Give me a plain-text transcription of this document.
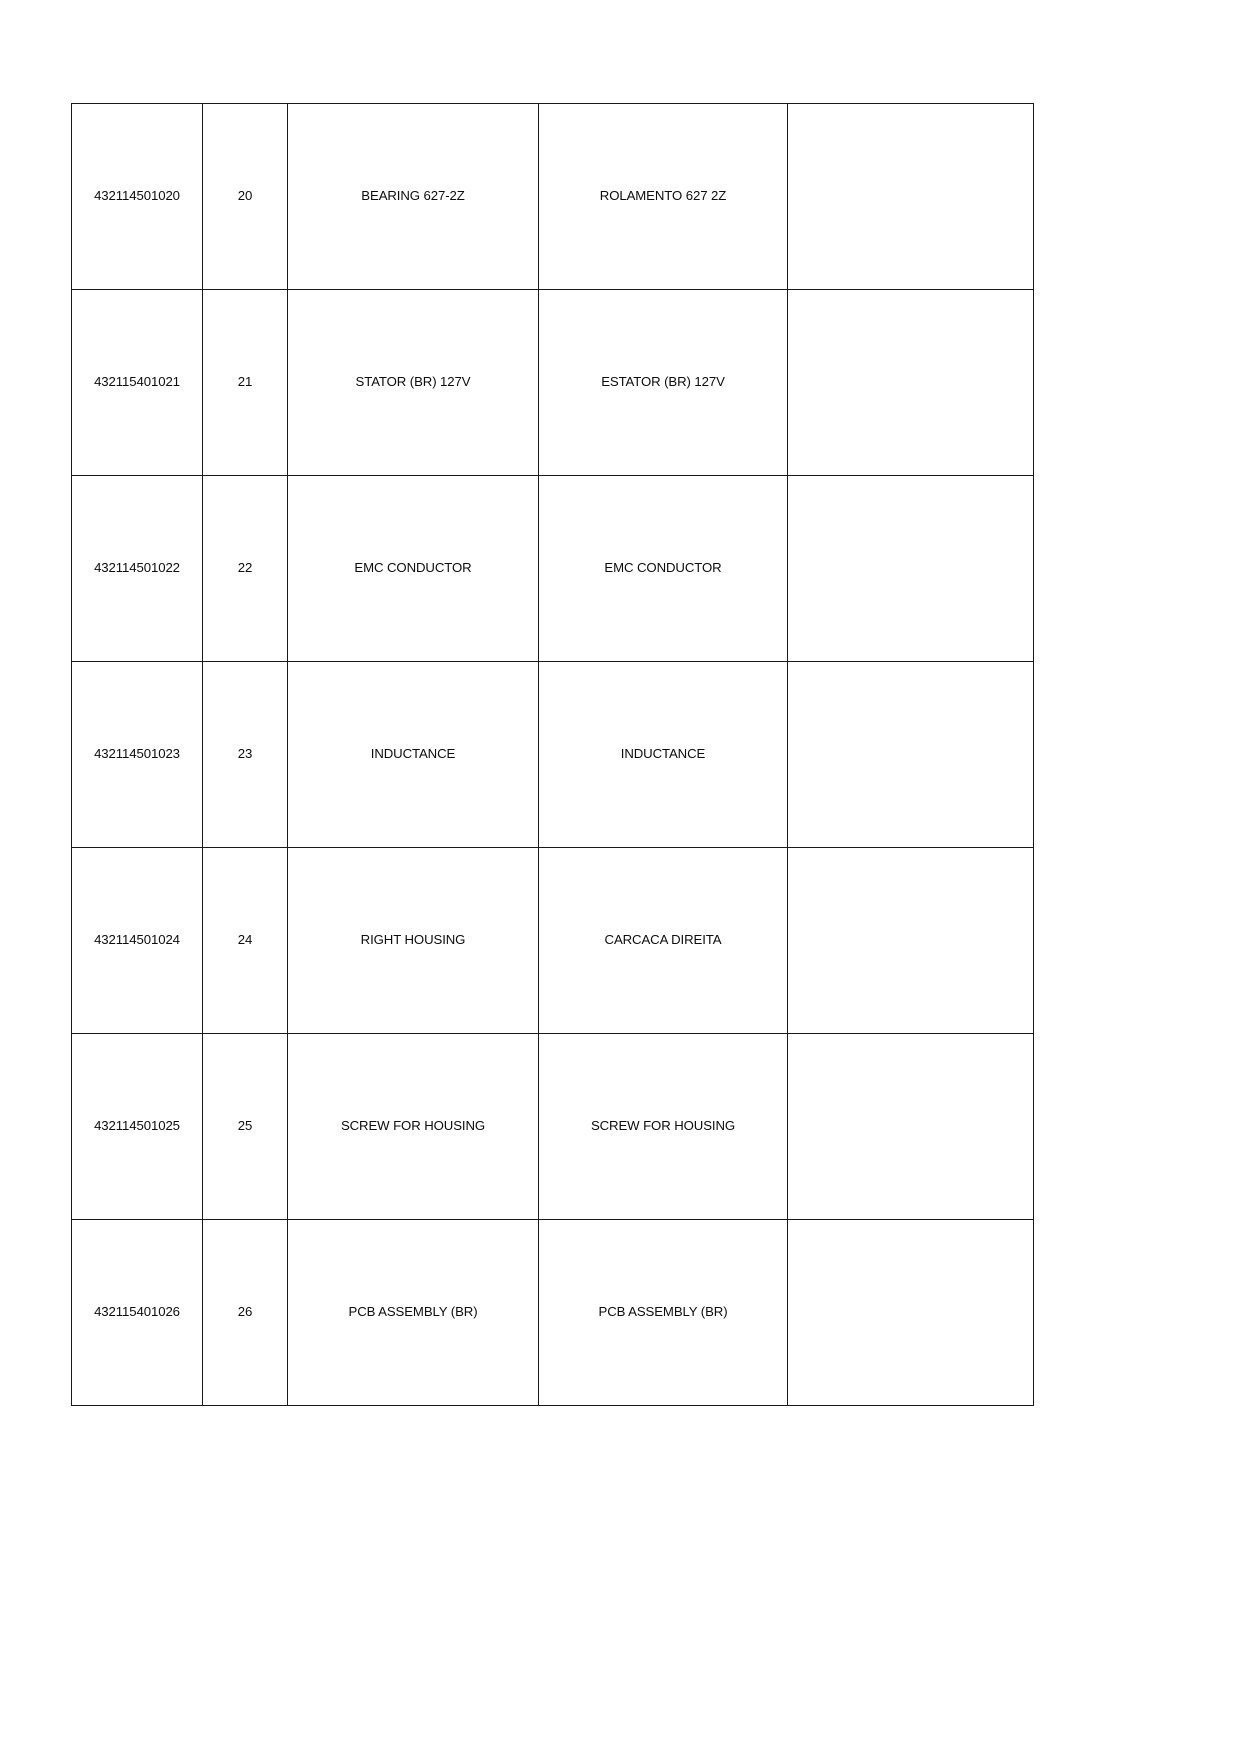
432114501020	20	BEARING 627-2Z	ROLAMENTO 627 2Z	

432115401021	21	STATOR (BR) 127V	ESTATOR (BR) 127V	

432114501022	22	EMC CONDUCTOR	EMC CONDUCTOR	

432114501023	23	INDUCTANCE	INDUCTANCE	

432114501024	24	RIGHT HOUSING	CARCACA DIREITA	

432114501025	25	SCREW FOR HOUSING	SCREW FOR HOUSING	

432115401026	26	PCB ASSEMBLY (BR)	PCB ASSEMBLY (BR)	
